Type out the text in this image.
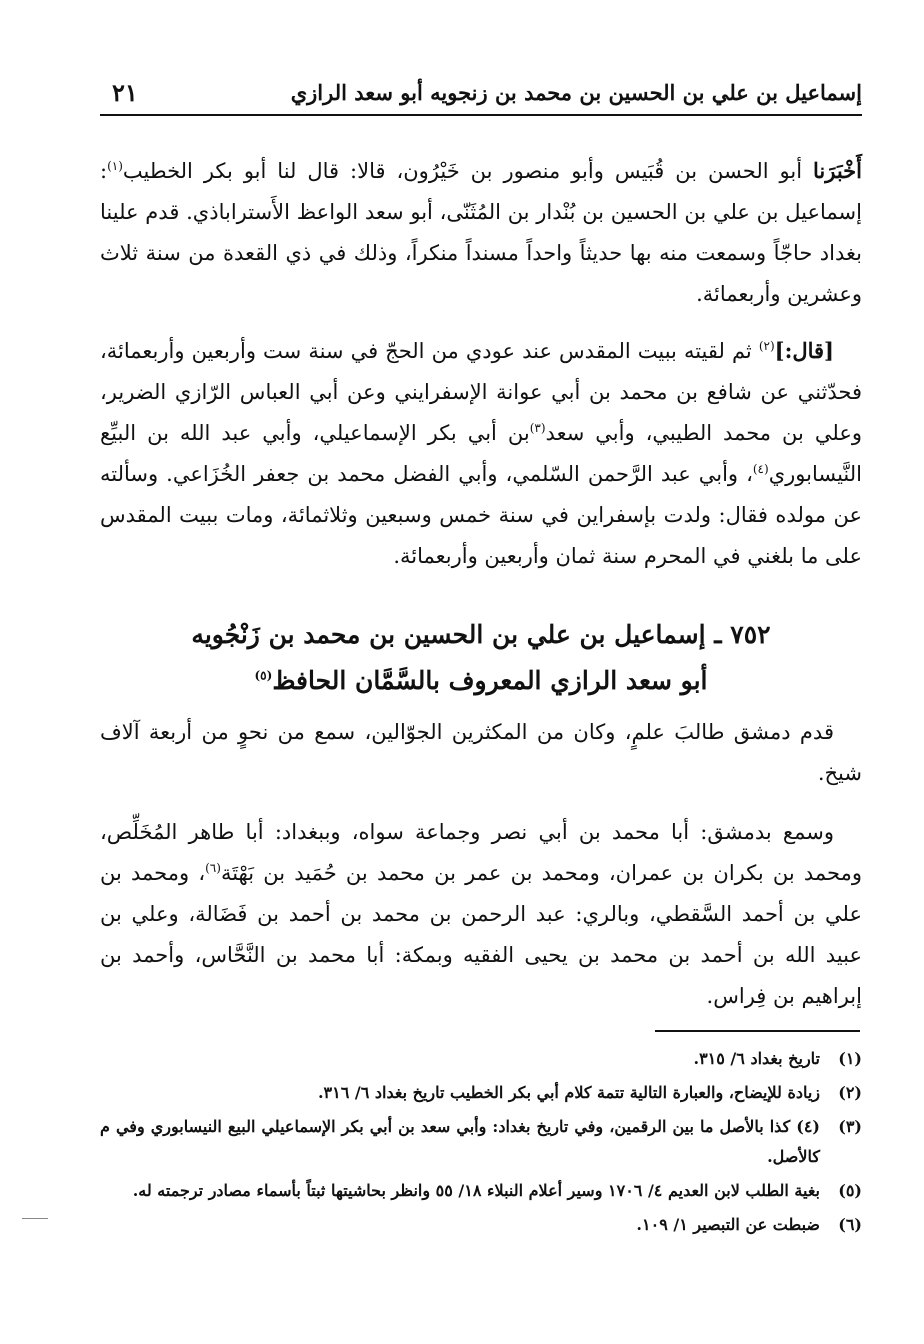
إسماعيل بن علي بن الحسين بن محمد بن زنجويه أبو سعد الرازي
٢١

أَخْبَرَنا أبو الحسن بن قُبَيس وأبو منصور بن خَيْرُون، قالا: قال لنا أبو بكر الخطيب$^{(١)}$: إسماعيل بن علي بن الحسين بن بُنْدار بن المُثَنّى، أبو سعد الواعظ الأَستراباذي. قدم علينا بغداد حاجّاً وسمعت منه بها حديثاً واحداً مسنداً منكراً، وذلك في ذي القعدة من سنة ثلاث وعشرين وأربعمائة.

[قال:]$^{(٢)}$ ثم لقيته ببيت المقدس عند عودي من الحجّ في سنة ست وأربعين وأربعمائة، فحدّثني عن شافع بن محمد بن أبي عوانة الإسفرايني وعن أبي العباس الرّازي الضرير، وعلي بن محمد الطيبي، وأبي سعد$^{(٣)}$بن أبي بكر الإسماعيلي، وأبي عبد الله بن البيِّع النَّيسابوري$^{(٤)}$، وأبي عبد الرَّحمن السّلمي، وأبي الفضل محمد بن جعفر الخُزَاعي. وسألته عن مولده فقال: ولدت بإسفراين في سنة خمس وسبعين وثلاثمائة، ومات ببيت المقدس على ما بلغني في المحرم سنة ثمان وأربعين وأربعمائة.

٧٥٢ ـ إسماعيل بن علي بن الحسين بن محمد بن زَنْجُويه
أبو سعد الرازي المعروف بالسَّمَّان الحافظ$^{(٥)}$

قدم دمشق طالبَ علمٍ، وكان من المكثرين الجوّالين، سمع من نحوٍ من أربعة آلاف شيخ.

وسمع بدمشق: أبا محمد بن أبي نصر وجماعة سواه، وببغداد: أبا طاهر المُخَلِّص، ومحمد بن بكران بن عمران، ومحمد بن عمر بن محمد بن حُمَيد بن بَهْتَة$^{(٦)}$، ومحمد بن علي بن أحمد السَّقطي، وبالري: عبد الرحمن بن محمد بن أحمد بن فَضَالة، وعلي بن عبيد الله بن أحمد بن محمد بن يحيى الفقيه وبمكة: أبا محمد بن النَّحَّاس، وأحمد بن إبراهيم بن فِراس.

(١)
تاريخ بغداد ٦/ ٣١٥.
(٢)
زيادة للإيضاح، والعبارة التالية تتمة كلام أبي بكر الخطيب تاريخ بغداد ٦/ ٣١٦.
(٣)
(٤) كذا بالأصل ما بين الرقمين، وفي تاريخ بغداد: وأبي سعد بن أبي بكر الإسماعيلي البيع النيسابوري وفي م كالأصل.
(٥)
بغية الطلب لابن العديم ٤/ ١٧٠٦ وسير أعلام النبلاء ١٨/ ٥٥ وانظر بحاشيتها ثبتاً بأسماء مصادر ترجمته له.
(٦)
ضبطت عن التبصير ١/ ١٠٩.
